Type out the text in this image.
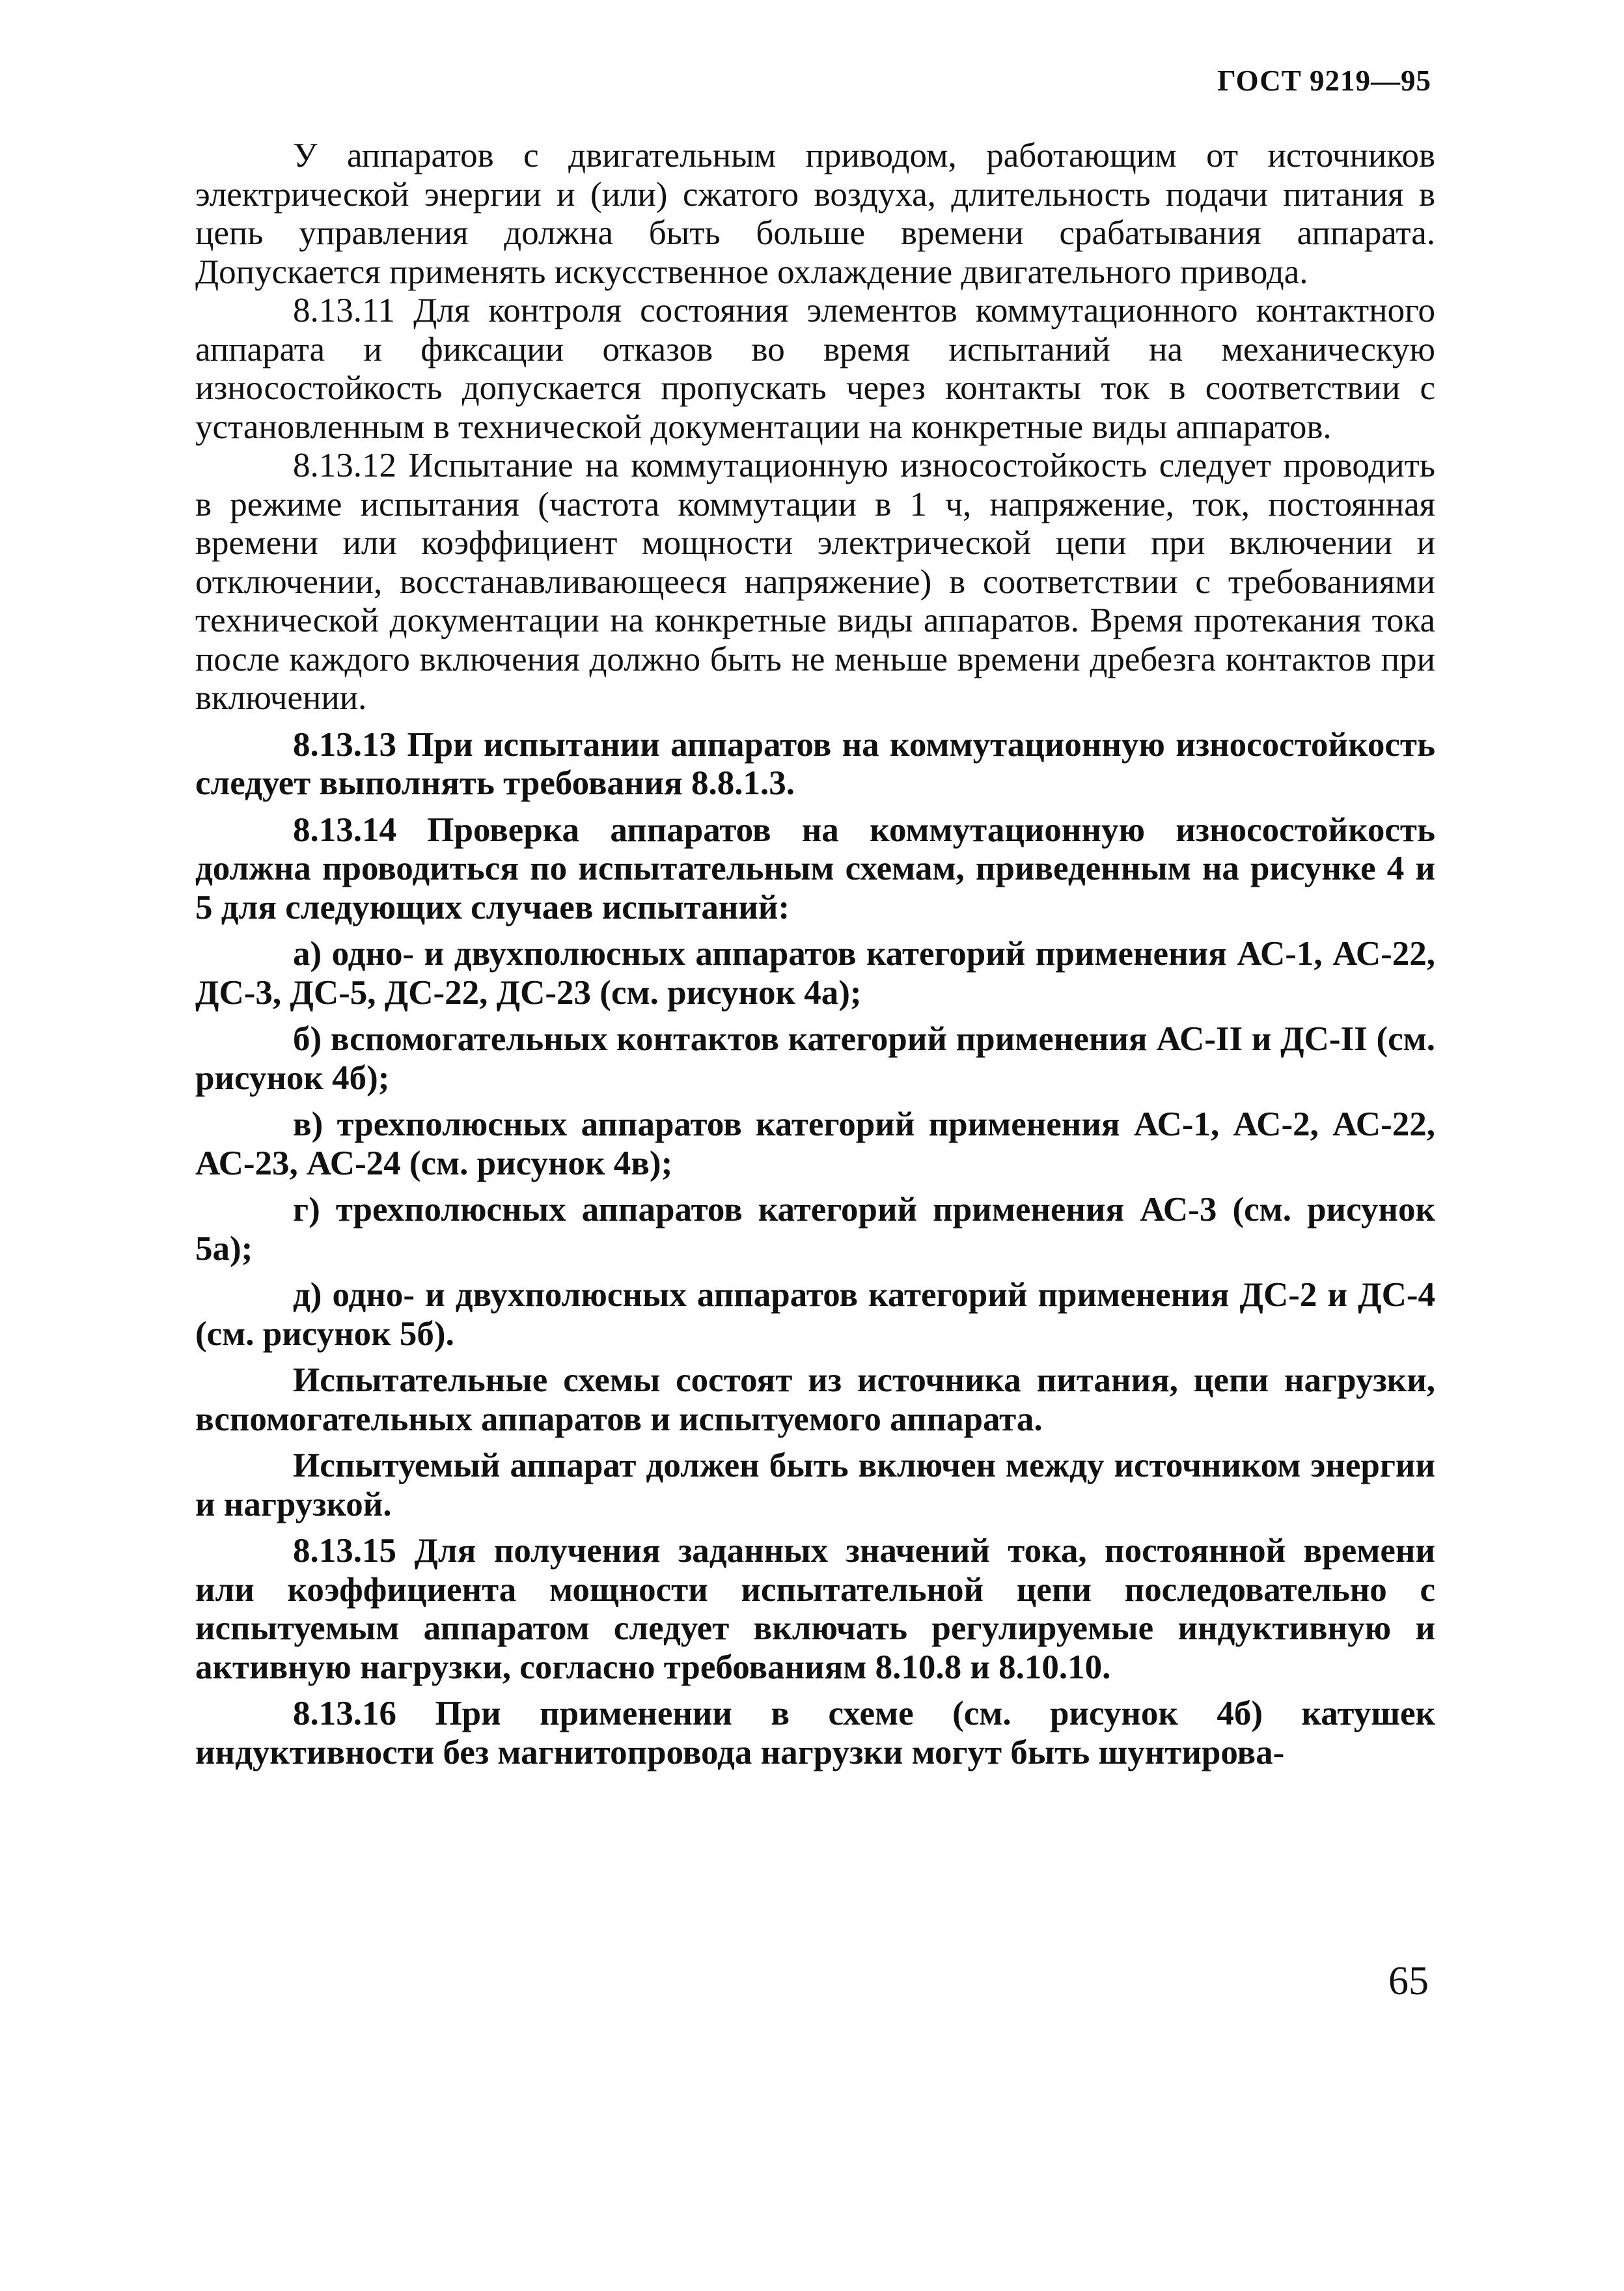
ГОСТ 9219—95

У аппаратов с двигательным приводом, работающим от источников электрической энергии и (или) сжатого воздуха, длительность подачи питания в цепь управления должна быть больше времени срабатывания аппарата. Допускается применять искусственное охлаждение двигательного привода.

8.13.11 Для контроля состояния элементов коммутационного контактного аппарата и фиксации отказов во время испытаний на механическую износостойкость допускается пропускать через контакты ток в соответствии с установленным в технической документации на конкретные виды аппаратов.

8.13.12 Испытание на коммутационную износостойкость следует проводить в режиме испытания (частота коммутации в 1 ч, напряжение, ток, постоянная времени или коэффициент мощности электрической цепи при включении и отключении, восстанавливающееся напряжение) в соответствии с требованиями технической документации на конкретные виды аппаратов. Время протекания тока после каждого включения должно быть не меньше времени дребезга контактов при включении.

8.13.13 При испытании аппаратов на коммутационную износостойкость следует выполнять требования 8.8.1.3.

8.13.14 Проверка аппаратов на коммутационную износостойкость должна проводиться по испытательным схемам, приведенным на рисунке 4 и 5 для следующих случаев испытаний:

а) одно- и двухполюсных аппаратов категорий применения АС-1, АС-22, ДС-3, ДС-5, ДС-22, ДС-23 (см. рисунок 4а);

б) вспомогательных контактов категорий применения АС-II и ДС-II (см. рисунок 4б);

в) трехполюсных аппаратов категорий применения АС-1, АС-2, АС-22, АС-23, АС-24 (см. рисунок 4в);

г) трехполюсных аппаратов категорий применения АС-3 (см. рисунок 5а);

д) одно- и двухполюсных аппаратов категорий применения ДС-2 и ДС-4 (см. рисунок 5б).

Испытательные схемы состоят из источника питания, цепи нагрузки, вспомогательных аппаратов и испытуемого аппарата.

Испытуемый аппарат должен быть включен между источником энергии и нагрузкой.

8.13.15 Для получения заданных значений тока, постоянной времени или коэффициента мощности испытательной цепи последовательно с испытуемым аппаратом следует включать регулируемые индуктивную и активную нагрузки, согласно требованиям 8.10.8 и 8.10.10.

8.13.16 При применении в схеме (см. рисунок 4б) катушек индуктивности без магнитопровода нагрузки могут быть шунтирова-

65
